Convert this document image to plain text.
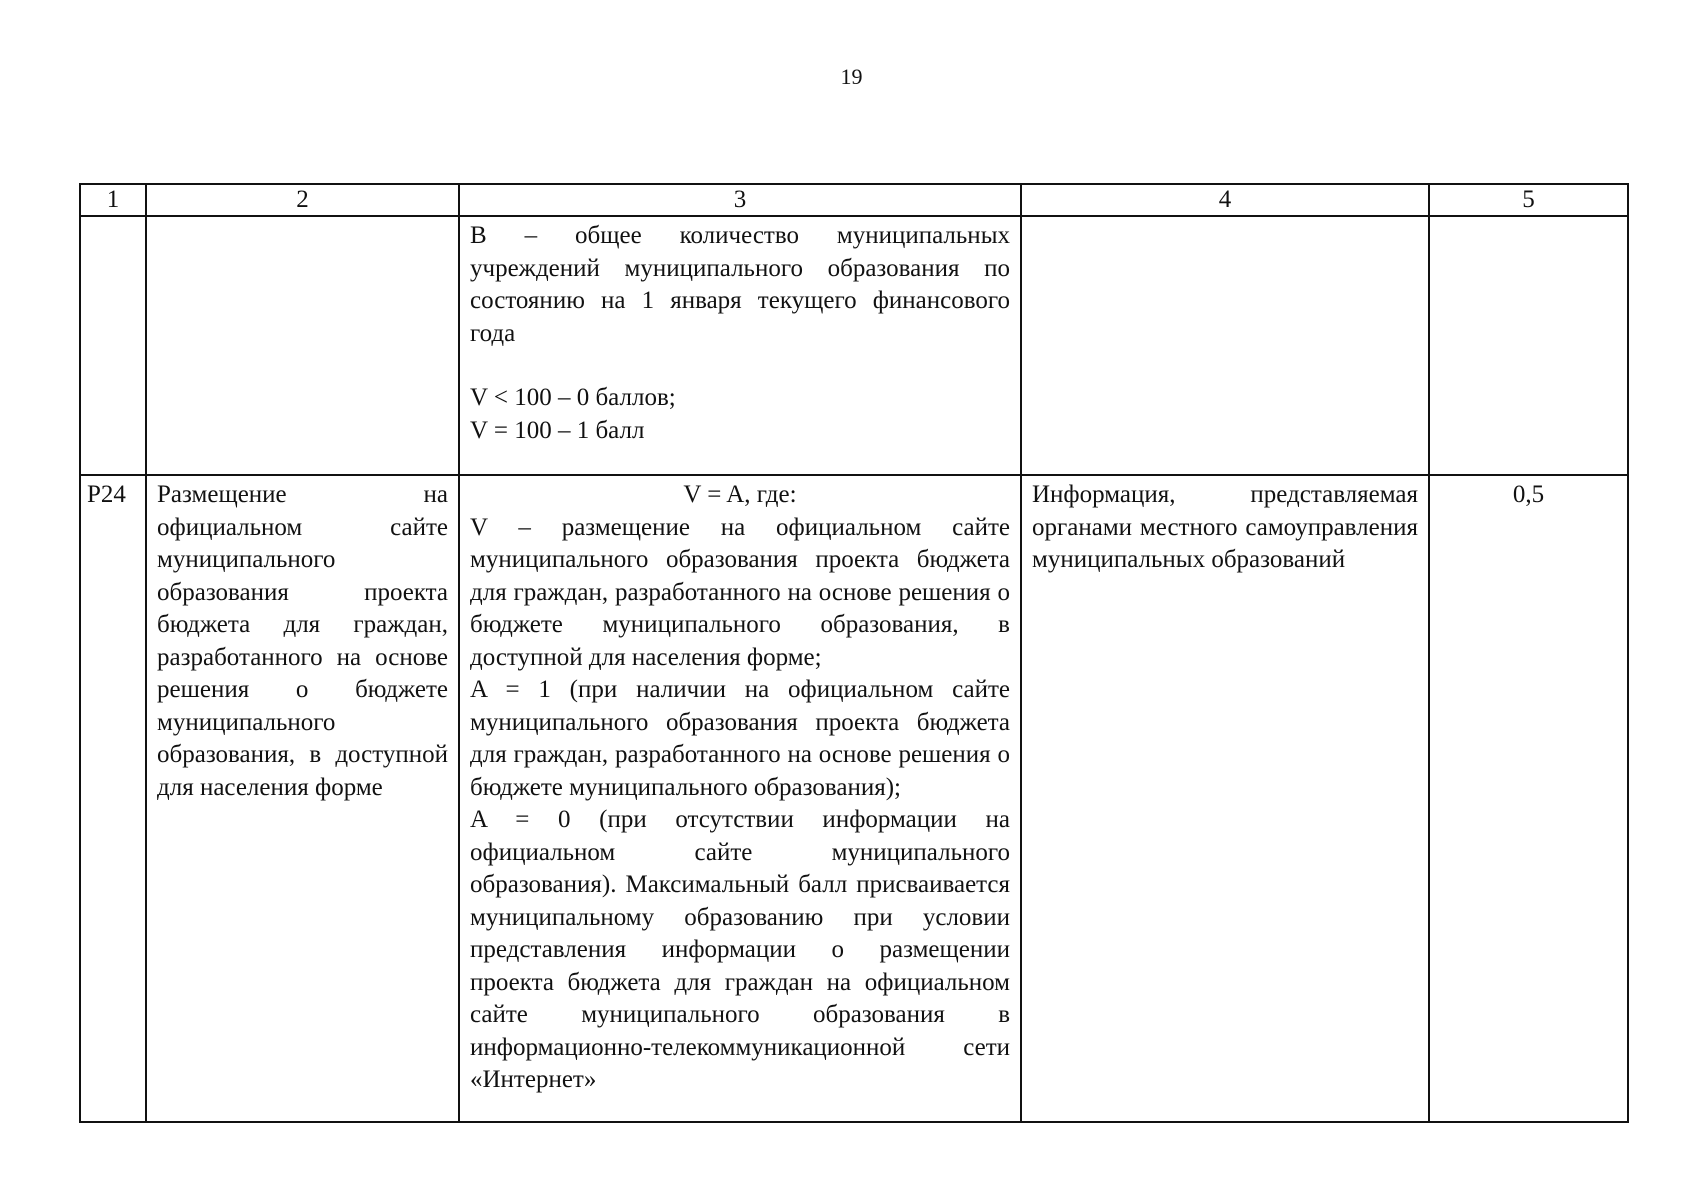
19
1	2	3	4	5

		В – общее количество муниципальных учреждений муниципального образования по состоянию на 1 января текущего финансового года
V < 100 – 0 баллов;
V = 100 – 1 балл		

Р24	Размещение на официальном сайте муниципального образования проекта бюджета для граждан, разработанного на основе решения о бюджете муниципального образования, в доступной для населения форме	V = A, где:
V – размещение на официальном сайте муниципального образования проекта бюджета для граждан, разработанного на основе решения о бюджете муниципального образования, в доступной для населения форме;
A = 1 (при наличии на официальном сайте муниципального образования проекта бюджета для граждан, разработанного на основе решения о бюджете муниципального образования);
A = 0 (при отсутствии информации на официальном сайте муниципального образования). Максимальный балл присваивается муниципальному образованию при условии представления информации о размещении проекта бюджета для граждан на официальном сайте муниципального образования в информационно-телекоммуникационной сети «Интернет»	Информация, представляемая органами местного самоуправления муниципальных образований	0,5
